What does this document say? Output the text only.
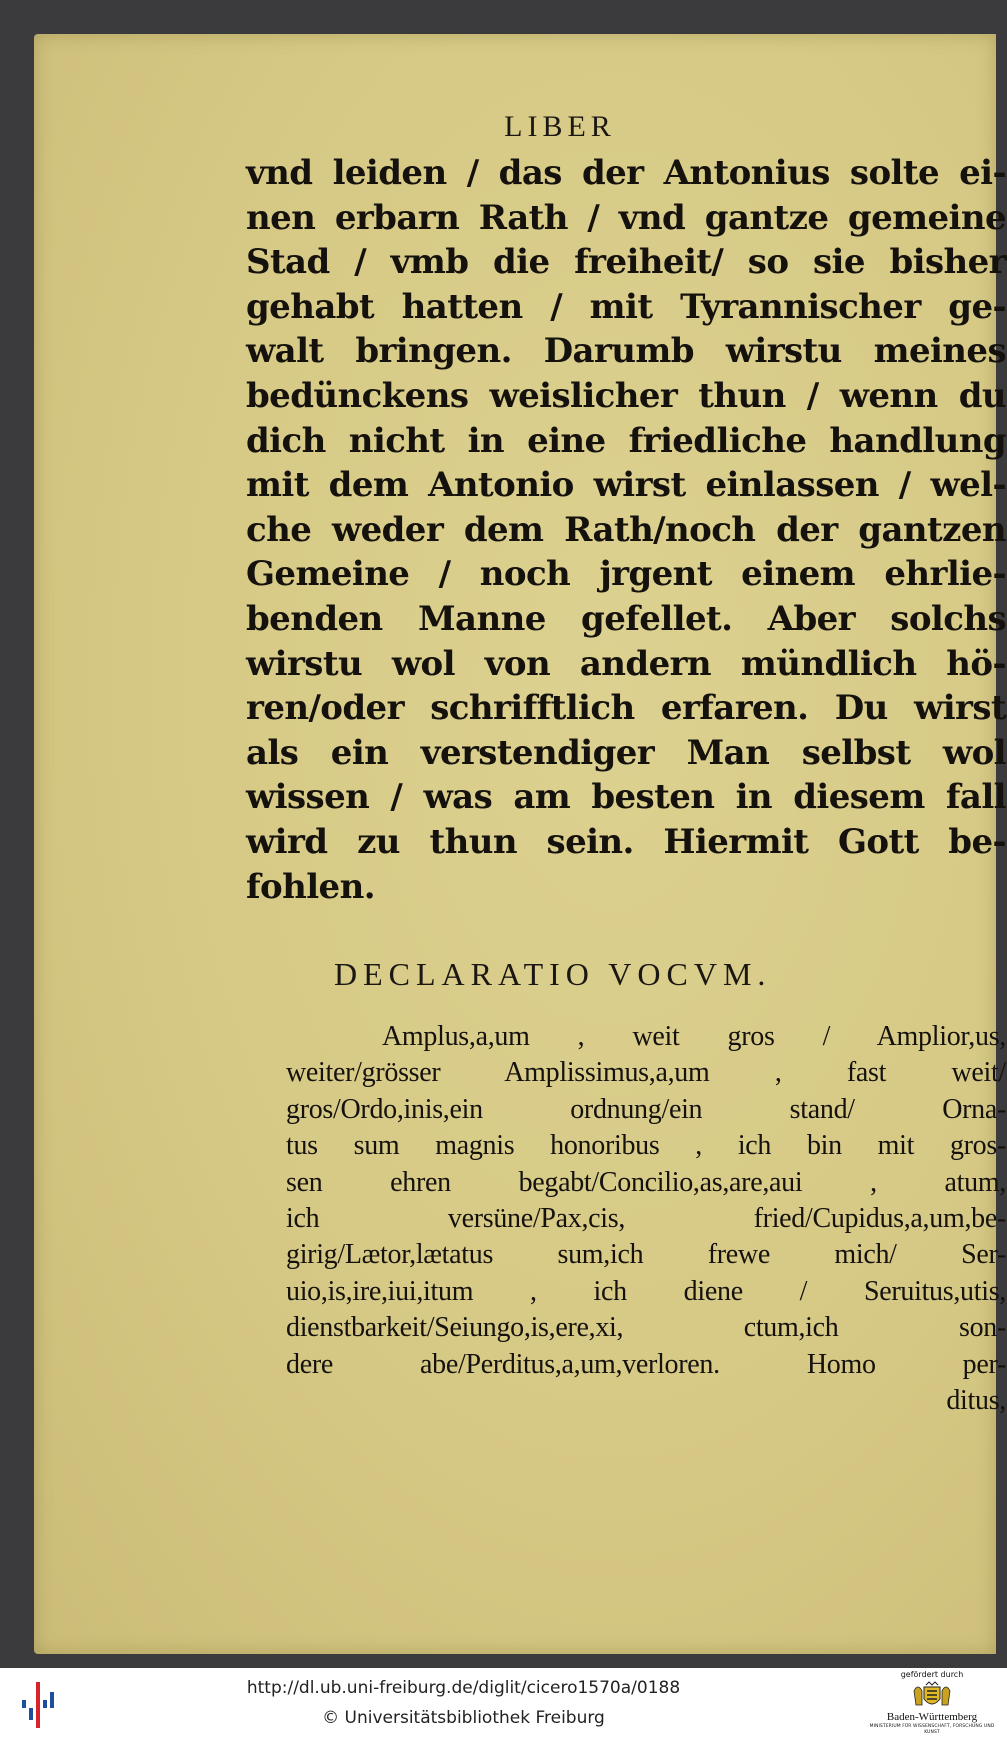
LIBER
vnd leiden / das der Antonius solte ei-
nen erbarn Rath / vnd gantze gemeine
Stad / vmb die freiheit/ so sie bisher
gehabt hatten / mit Tyrannischer ge-
walt bringen. Darumb wirstu meines
bedünckens weislicher thun / wenn du
dich nicht in eine friedliche handlung
mit dem Antonio wirst einlassen / wel-
che weder dem Rath/noch der gantzen
Gemeine / noch jrgent einem ehrlie-
benden Manne gefellet. Aber solchs
wirstu wol von andern mündlich hö-
ren/oder schrifftlich erfaren. Du wirst
als ein verstendiger Man selbst wol
wissen / was am besten in diesem fall
wird zu thun sein. Hiermit Gott be-
fohlen.
DECLARATIO VOCVM.
Amplus,a,um , weit gros / Amplior,us,
weiter/grösser Amplissimus,a,um , fast weit/
gros/Ordo,inis,ein ordnung/ein stand/ Orna-
tus sum magnis honoribus , ich bin mit gros-
sen ehren begabt/Concilio,as,are,aui , atum,
ich versüne/Pax,cis, fried/Cupidus,a,um,be-
girig/Lætor,lætatus sum,ich frewe mich/ Ser-
uio,is,ire,iui,itum , ich diene / Seruitus,utis,
dienstbarkeit/Seiungo,is,ere,xi, ctum,ich son-
dere abe/Perditus,a,um,verloren. Homo per-
ditus,
http://dl.ub.uni-freiburg.de/diglit/cicero1570a/0188
© Universitätsbibliothek Freiburg
gefördert durch
Baden-Württemberg
MINISTERIUM FÜR WISSENSCHAFT, FORSCHUNG UND KUNST
